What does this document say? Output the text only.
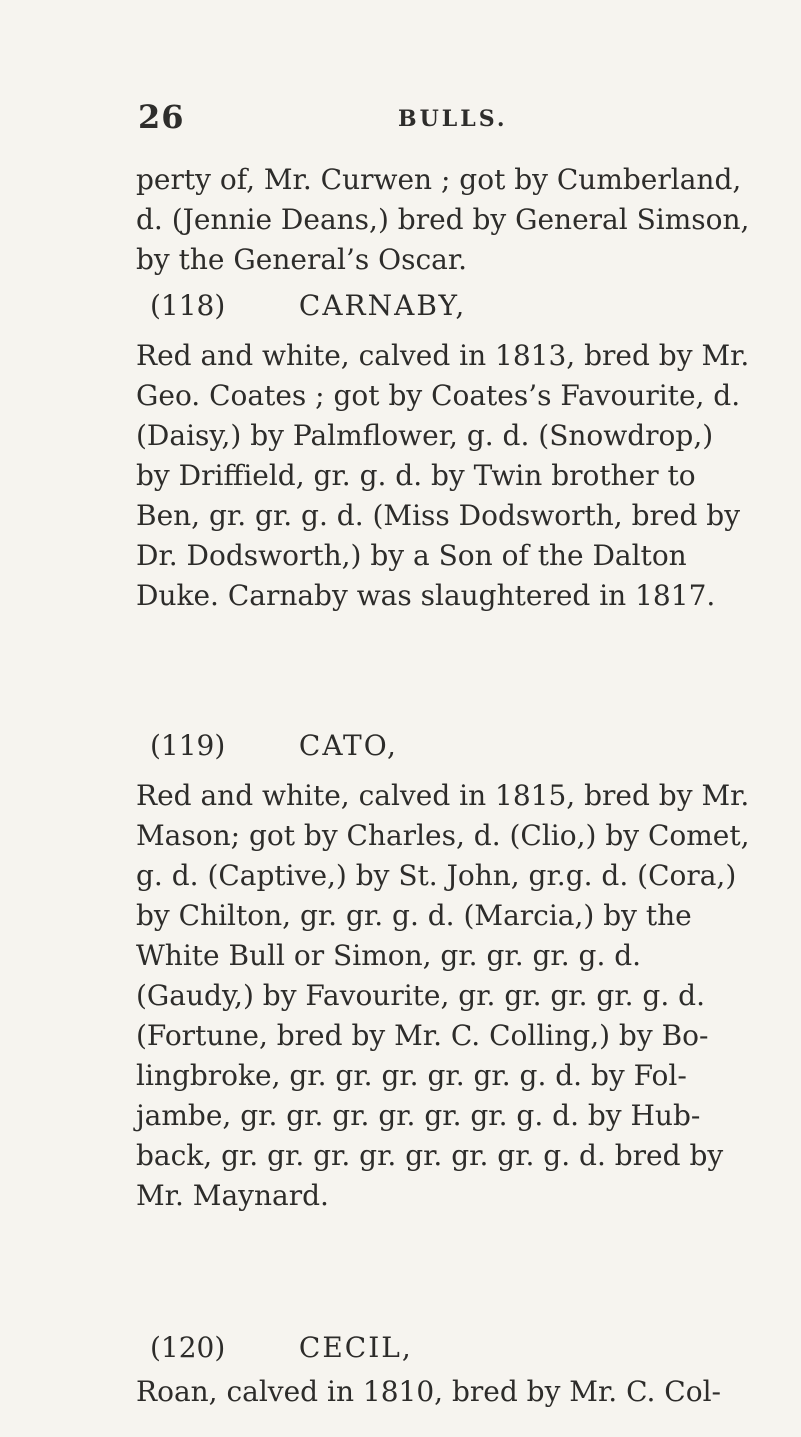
26	BULLS.
perty of, Mr. Curwen ; got by Cumberland,
d. (Jennie Deans,) bred by General Simson,
by the General’s Oscar.
(118)	CARNABY,
Red and white, calved in 1813, bred by Mr.
Geo. Coates ; got by Coates’s Favourite, d.
(Daisy,) by Palmflower, g. d. (Snowdrop,)
by Driffield, gr. g. d. by Twin brother to
Ben, gr. gr. g. d. (Miss Dodsworth, bred by
Dr. Dodsworth,) by a Son of the Dalton
Duke. Carnaby was slaughtered in 1817.
(119)	CATO,
Red and white, calved in 1815, bred by Mr.
Mason; got by Charles, d. (Clio,) by Comet,
g. d. (Captive,) by St. John, gr.g. d. (Cora,)
by Chilton, gr. gr. g. d. (Marcia,) by the
White Bull or Simon, gr. gr. gr. g. d.
(Gaudy,) by Favourite, gr. gr. gr. gr. g. d.
(Fortune, bred by Mr. C. Colling,) by Bo-
lingbroke, gr. gr. gr. gr. gr. g. d. by Fol-
jambe, gr. gr. gr. gr. gr. gr. g. d. by Hub-
back, gr. gr. gr. gr. gr. gr. gr. g. d. bred by
Mr. Maynard.
(120)	CECIL,
Roan, calved in 1810, bred by Mr. C. Col-
